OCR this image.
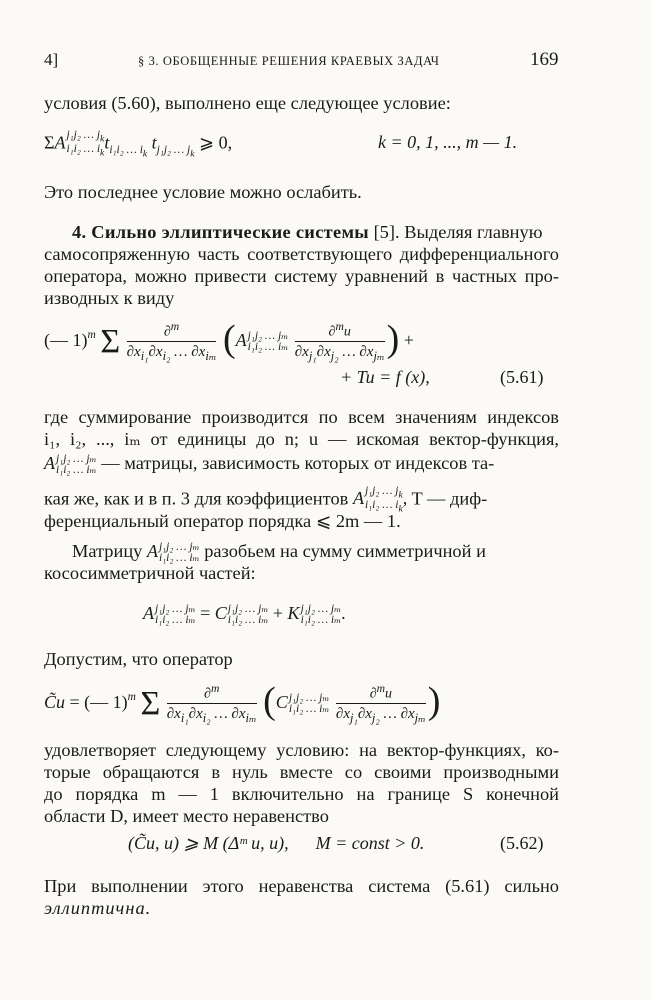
4]	§ 3. ОБОБЩЕННЫЕ РЕШЕНИЯ КРАЕВЫХ ЗАДАЧ	169
условия (5.60), выполнено еще следующее условие:
ΣA j₁j₂ … $j_k$
i₁i₂ … $i_k$
$t_{i_1i_2 \dots i_k}$ $t_{j_1j_2 \dots j_k}$ ⩾ 0,	k = 0, 1, ..., m — 1.
Это последнее условие можно ослабить.
4. Сильно эллиптические системы [5]. Выделяя главную
самосопряженную часть соответствующего дифференциального
оператора, можно привести систему уравнений в частных про-
изводных к виду
(— 1)$^m$ Σ $\frac{\partial^m}{\partial x_{i_1}\partial x_{i_2} \dots \partial x_{i_m}} (A$ j₁j₂ … jₘ
i₁i₂ … iₘ
$\frac{\partial^mu}{\partial x_{j_1}\partial x_{j_2} \dots \partial x_{j_m}}$ ) +
+ Tu = f (x),	(5.61)
где суммирование производится по всем значениям индексов
i₁, i₂, ..., iₘ от единицы до n; u — искомая вектор-функция,
A j₁j₂ … jₘ
i₁i₂ … iₘ — матрицы, зависимость которых от индексов та-
кая же, как и в п. 3 для коэффициентов A j₁j₂ … $j_k$
i₁i₂ … $i_k$
, T — диф-
ференциальный оператор порядка ⩽ 2m — 1.
Матрицу A j₁j₂ … jₘ
i₁i₂ … iₘ разобьем на сумму симметричной и
кососимметричной частей:
A j₁j₂ … jₘ
i₁i₂ … iₘ = C j₁j₂ … jₘ
i₁i₂ … iₘ + K j₁j₂ … jₘ
i₁i₂ … iₘ .
Допустим, что оператор
C̃u = (— 1)$^m$ Σ $\frac{\partial^m}{\partial x_{i_1}\partial x_{i_2} \dots \partial x_{i_m}} (C$ j₁j₂ … jₘ
i₁i₂ … iₘ
$\frac{\partial^mu}{\partial x_{j_1}\partial x_{j_2} \dots \partial x_{j_m}}$ )
удовлетворяет следующему условию: на вектор-функциях, ко-
торые обращаются в нуль вместе со своими производными
до порядка m — 1 включительно на границе S конечной
области D, имеет место неравенство
(C̃u, u) ⩾ M (Δᵐ u, u),      M = const > 0.	(5.62)
При выполнении этого неравенства система (5.61) сильно
эллиптична.
